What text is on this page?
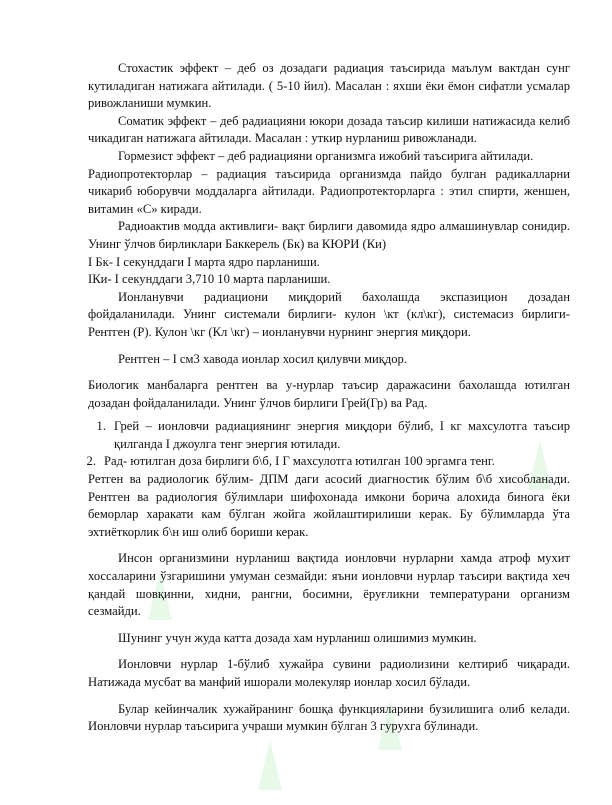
Стохастик эффект – деб оз дозадаги радиация таъсирида маълум вактдан сунг кутиладиган натижага айтилади. ( 5-10 йил). Масалан : яхши ёки ёмон сифатли усмалар ривожланиши мумкин.

Соматик эффект – деб радиацияни юкори дозада таъсир килиши натижасида келиб чикадиган натижага айтилади. Масалан : уткир нурланиш ривожланади.

Гормезист эффект – деб радиацияни организмга ижобий таъсирига айтилади.

Радиопротекторлар – радиация таъсирида организмда пайдо булган радикалларни чикариб юборувчи моддаларга айтилади. Радиопротекторларга : этил спирти, женшен, витамин «С» киради.

Радиоактив модда активлиги- вақт бирлиги давомида ядро алмашинувлар сонидир. Унинг ўлчов бирликлари Баккерель (Бк) ва КЮРИ (Ки)

I Бк- I секунддаги I марта ядро парланиши.

IКи- I секунддаги 3,710 10 марта парланиши.

Ионланувчи радиациони миқдорий бахолашда экспазицион дозадан фойдаланилади. Унинг системали бирлиги- кулон \кт (кл\кг), системасиз бирлиги-Рентген (Р). Кулон \кг (Кл \кг) – ионланувчи нурнинг энергия миқдори.

Рентген – I см3 хавода ионлар хосил қилувчи миқдор.

Биологик манбаларга рентген ва у-нурлар таъсир даражасини бахолашда ютилган дозадан фойдаланилади. Унинг ўлчов бирлиги Грей(Гр) ва Рад.

1. Грей – ионловчи радиациянинг энергия миқдори бўлиб, I кг махсулотга таъсир қилганда I джоулга тенг энергия ютилади.
2. Рад- ютилган доза бирлиги б\б, I Г махсулотга ютилган 100 эргамга тенг.

Ретген ва радиологик бўлим- ДПМ даги асосий диагностик бўлим б\б хисобланади. Рентген ва радиология бўлимлари шифохонада имкони борича алохида бинога ёки беморлар харакати кам бўлган жойга жойлаштирилиши керак. Бу бўлимларда ўта эхтиёткорлик б\н иш олиб бориши керак.

Инсон организмини нурланиш вақтида ионловчи нурларни хамда атроф мухит хоссаларини ўзгаришини умуман сезмайди: яъни ионловчи нурлар таъсири вақтида хеч қандай шовқинни, хидни, рангни, босимни, ёруғликни температурани организм сезмайди.

Шунинг учун жуда катта дозада хам нурланиш олишимиз мумкин.

Ионловчи нурлар 1-бўлиб хужайра сувини радиолизини келтириб чиқаради. Натижада мусбат ва манфий ишорали молекуляр ионлар хосил бўлади.

Булар кейинчалик хужайранинг бошқа функцияларини бузилишига олиб келади. Ионловчи нурлар таъсирига учраши мумкин бўлган 3 гурухга бўлинади.
